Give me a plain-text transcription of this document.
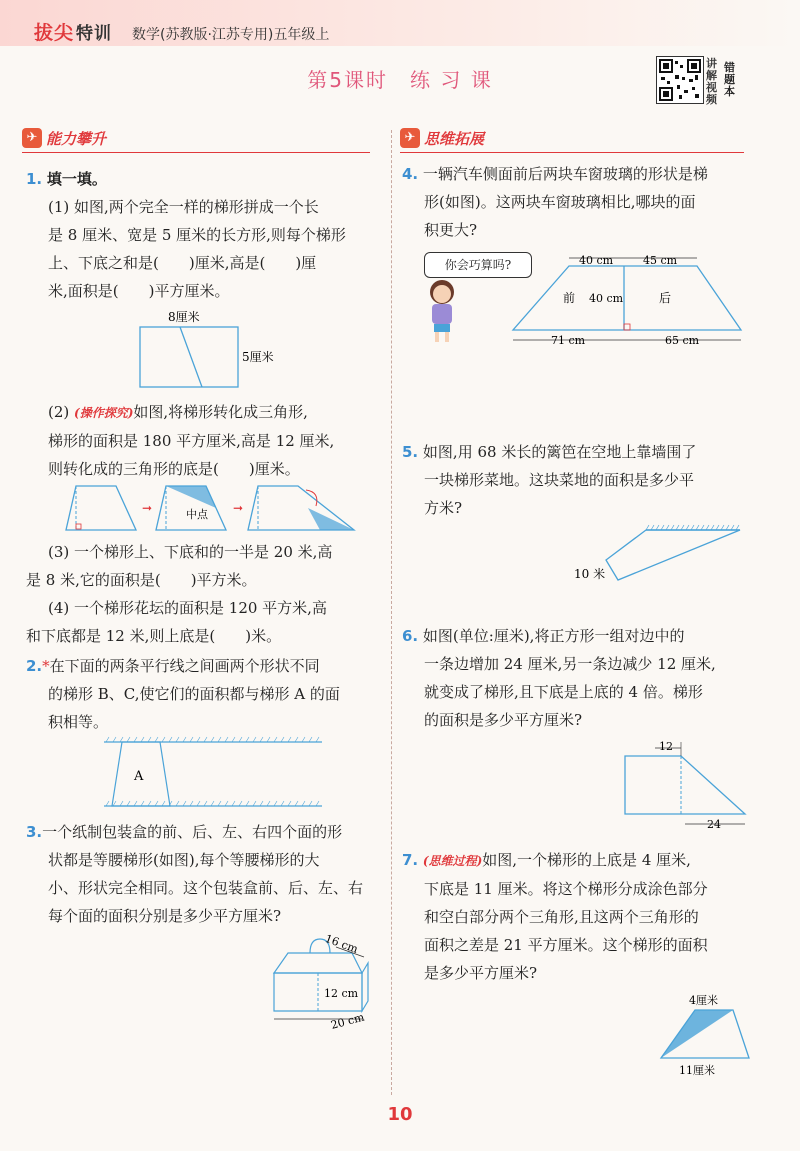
拔尖 特训 数学(苏教版·江苏专用)五年级上
第5课时　练 习 课
讲
解
视
频
错题本
✈ 能力攀升	✈ 思维拓展
1. 填一填。
(1) 如图,两个完全一样的梯形拼成一个长
是 8 厘米、宽是 5 厘米的长方形,则每个梯形
上、下底之和是(　　)厘米,高是(　　)厘
米,面积是(　　)平方厘米。
8厘米
5厘米
(2) (操作探究)如图,将梯形转化成三角形,
梯形的面积是 180 平方厘米,高是 12 厘米,
则转化成的三角形的底是(　　)厘米。
➞	中点 ➞
(3) 一个梯形上、下底和的一半是 20 米,高
是 8 米,它的面积是(　　)平方米。
(4) 一个梯形花坛的面积是 120 平方米,高
和下底都是 12 米,则上底是(　　)米。
2.*在下面的两条平行线之间画两个形状不同
的梯形 B、C,使它们的面积都与梯形 A 的面
积相等。
A
3.一个纸制包装盒的前、后、左、右四个面的形
状都是等腰梯形(如图),每个等腰梯形的大
小、形状完全相同。这个包装盒前、后、左、右
每个面的面积分别是多少平方厘米?
16 cm
12 cm
20 cm
4. 一辆汽车侧面前后两块车窗玻璃的形状是梯
形(如图)。这两块车窗玻璃相比,哪块的面
积更大?
你会巧算吗?	40 cm	45 cm
前 40 cm	后
71 cm	65 cm
5. 如图,用 68 米长的篱笆在空地上靠墙围了
一块梯形菜地。这块菜地的面积是多少平
方米?
10 米
6. 如图(单位:厘米),将正方形一组对边中的
一条边增加 24 厘米,另一条边减少 12 厘米,
就变成了梯形,且下底是上底的 4 倍。梯形
的面积是多少平方厘米?
12
24
7. (思维过程)如图,一个梯形的上底是 4 厘米,
下底是 11 厘米。将这个梯形分成涂色部分
和空白部分两个三角形,且这两个三角形的
面积之差是 21 平方厘米。这个梯形的面积
是多少平方厘米?
4厘米
11厘米
10
